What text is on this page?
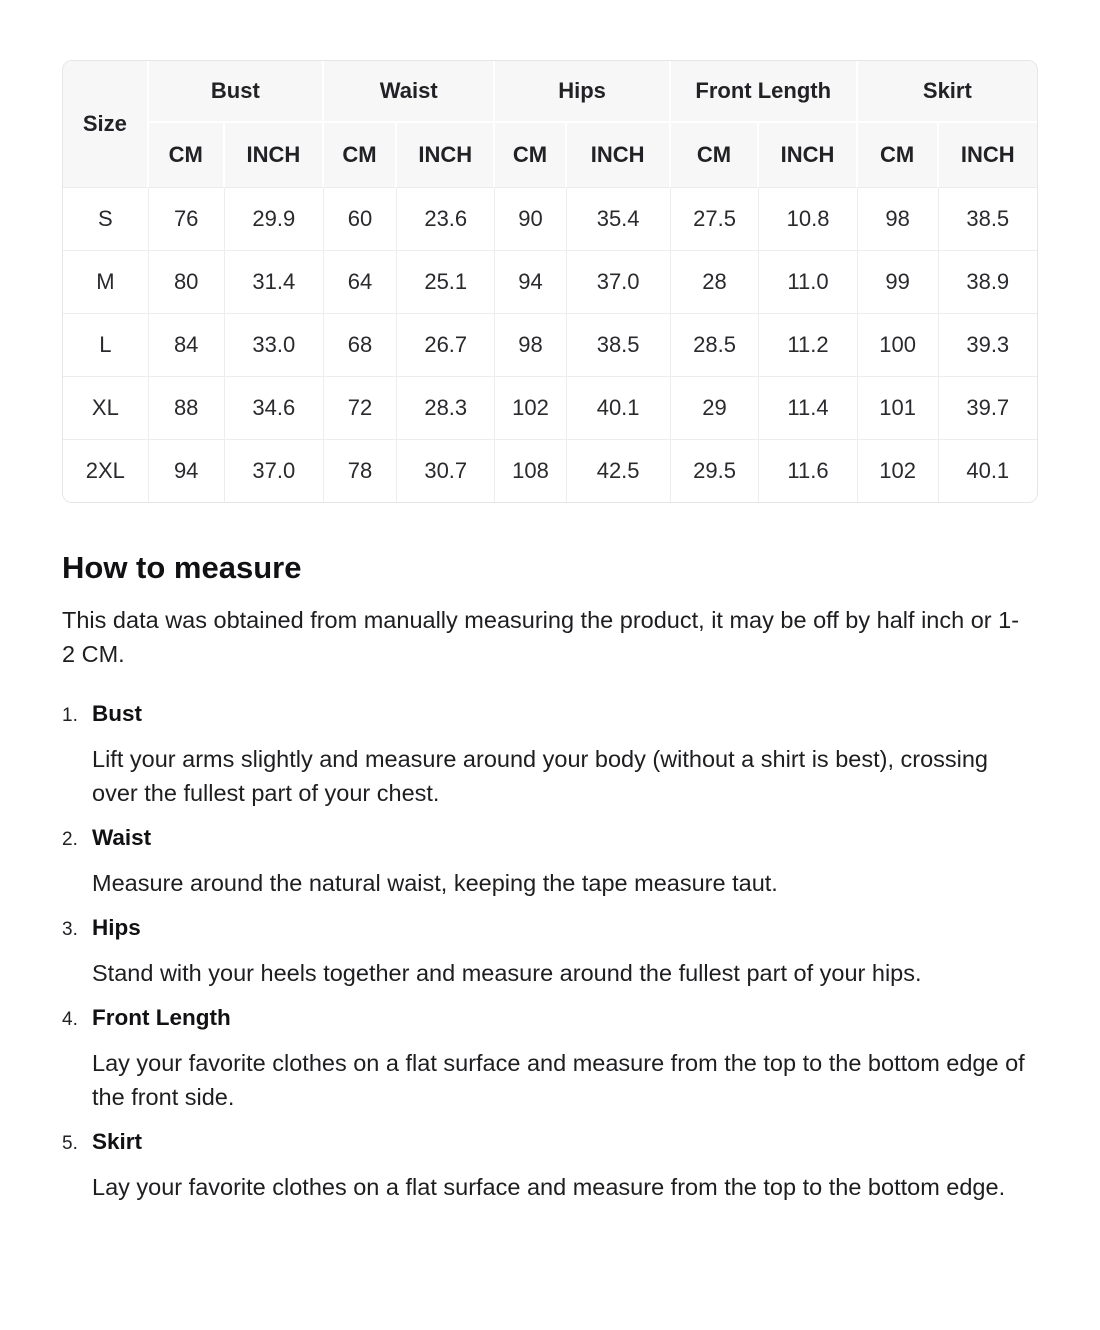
Size	Bust		Waist		Hips		Front Length		Skirt	
	CM	INCH	CM	INCH	CM	INCH	CM	INCH	CM	INCH
S	76	29.9	60	23.6	90	35.4	27.5	10.8	98	38.5
M	80	31.4	64	25.1	94	37.0	28	11.0	99	38.9
L	84	33.0	68	26.7	98	38.5	28.5	11.2	100	39.3
XL	88	34.6	72	28.3	102	40.1	29	11.4	101	39.7
2XL	94	37.0	78	30.7	108	42.5	29.5	11.6	102	40.1
How to measure

This data was obtained from manually measuring the product, it may be off by half inch or 1-2 CM.

1. Bust

Lift your arms slightly and measure around your body (without a shirt is best), crossing over the fullest part of your chest.

2. Waist

Measure around the natural waist, keeping the tape measure taut.

3. Hips

Stand with your heels together and measure around the fullest part of your hips.

4. Front Length

Lay your favorite clothes on a flat surface and measure from the top to the bottom edge of the front side.

5. Skirt

Lay your favorite clothes on a flat surface and measure from the top to the bottom edge.
